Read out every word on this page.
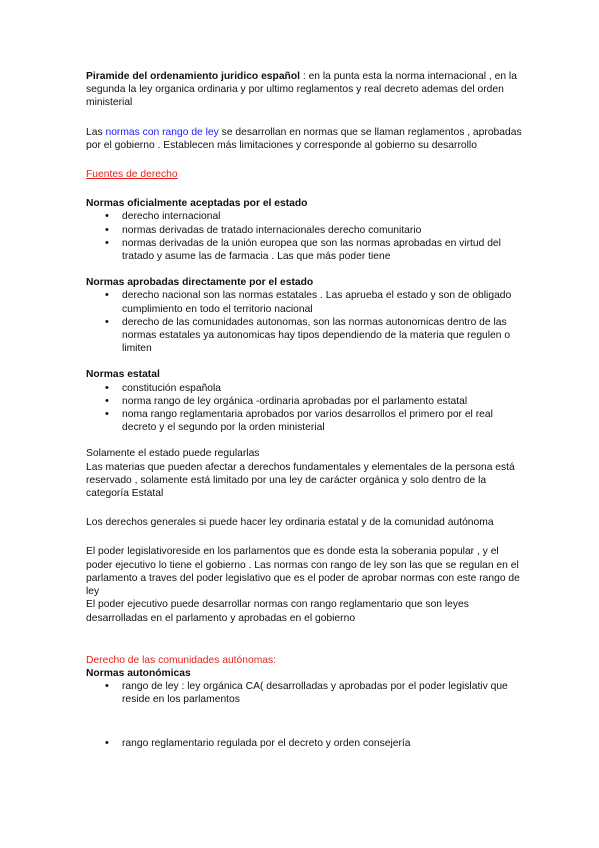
Piramide del ordenamiento juridico español : en la punta esta la norma internacional , en la segunda la ley organica ordinaria y por ultimo reglamentos y real decreto ademas del orden ministerial

Las normas con rango de ley se desarrollan en normas que se llaman reglamentos , aprobadas por el gobierno . Establecen más limitaciones y corresponde al gobierno su desarrollo

Fuentes de derecho

Normas oficialmente aceptadas por el estado

• derecho internacional
• normas derivadas de tratado internacionales derecho comunitario
• normas derivadas de la unión europea que son las normas aprobadas en virtud del tratado y asume las de farmacia . Las que más poder tiene

Normas aprobadas directamente por el estado

• derecho nacional son las normas estatales . Las aprueba el estado y son de obligado cumplimiento en todo el territorio nacional
• derecho de las comunidades autonomas, son las normas autonomicas dentro de las normas estatales ya autonomicas hay tipos dependiendo de la materia que regulen o limiten

Normas estatal

• constitución española
• norma rango de ley orgánica -ordinaria aprobadas por el parlamento estatal
• noma rango reglamentaria aprobados por varios desarrollos el primero por el real decreto y el segundo por la orden ministerial

Solamente el estado puede regularlas

Las materias que pueden afectar a derechos fundamentales y elementales de la persona está reservado , solamente está limitado por una ley de carácter orgánica y solo dentro de la categoría Estatal

Los derechos generales si puede hacer ley ordinaria estatal y de la comunidad autónoma

El poder legislativoreside en los parlamentos que es donde esta la soberania popular , y el poder ejecutivo lo tiene el gobierno . Las normas con rango de ley son las que se regulan en el parlamento a traves del poder legislativo que es el poder de aprobar normas con este rango de ley

El poder ejecutivo puede desarrollar normas con rango reglamentario que son leyes desarrolladas en el parlamento y aprobadas en el gobierno

Derecho de las comunidades autónomas:

Normas autonómicas

• rango de ley : ley orgánica CA( desarrolladas y aprobadas por el poder legislativ que reside en los parlamentos
• rango reglamentario regulada por el decreto y orden consejería
